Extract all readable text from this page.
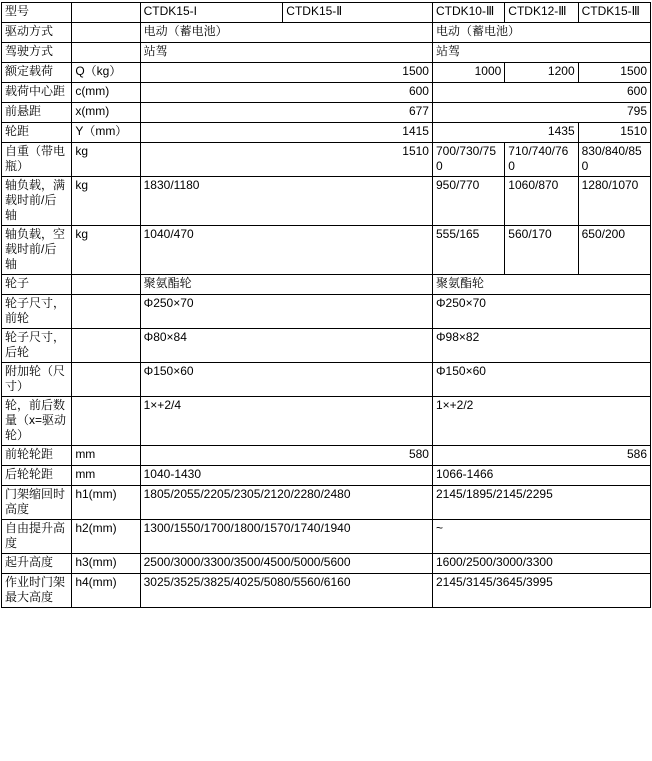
型号		CTDK15-I	CTDK15-Ⅱ	CTDK10-Ⅲ	CTDK12-Ⅲ	CTDK15-Ⅲ
驱动方式		电动（蓄电池）		电动（蓄电池）		
驾驶方式		站驾		站驾		
额定载荷	Q（kg）	1500		1000	1200	1500
载荷中心距	c(mm)	600		600		
前悬距	x(mm)	677		795		
轮距	Y（mm）	1415		1435		1510
自重（带电瓶）	kg	1510		700/730/750	710/740/760	830/840/850
轴负载，满载时前/后轴	kg	1830/1180		950/770	1060/870	1280/1070
轴负载，空载时前/后轴	kg	1040/470		555/165	560/170	650/200
轮子		聚氨酯轮		聚氨酯轮		
轮子尺寸，前轮		Φ250×70		Φ250×70		
轮子尺寸，后轮		Φ80×84		Φ98×82		
附加轮（尺寸）		Φ150×60		Φ150×60		
轮，前后数量（x=驱动轮）		1×+2/4		1×+2/2		
前轮轮距	mm	580		586		
后轮轮距	mm	1040-1430		1066-1466		
门架缩回时高度	h1(mm)	1805/2055/2205/2305/2120/2280/2480		2145/1895/2145/2295		
自由提升高度	h2(mm)	1300/1550/1700/1800/1570/1740/1940		~		
起升高度	h3(mm)	2500/3000/3300/3500/4500/5000/5600		1600/2500/3000/3300		
作业时门架最大高度	h4(mm)	3025/3525/3825/4025/5080/5560/6160		2145/3145/3645/3995		
